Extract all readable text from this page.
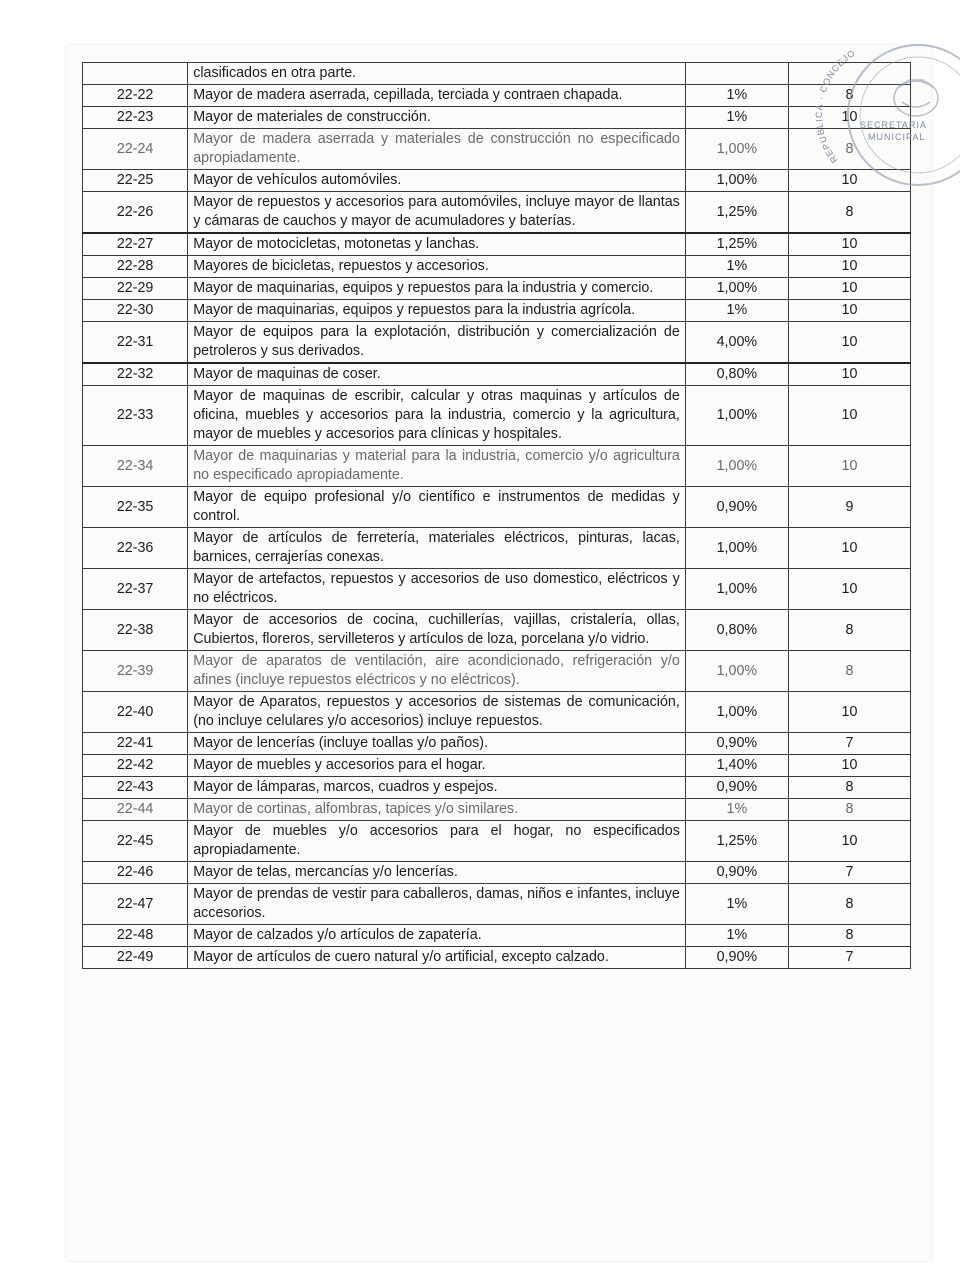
	clasificados en otra parte.		
22-22	Mayor de madera aserrada, cepillada, terciada y contraen chapada.	1%	8
22-23	Mayor de materiales de construcción.	1%	10
22-24	Mayor de madera aserrada y materiales de construcción no especificado apropiadamente.	1,00%	8
22-25	Mayor de vehículos automóviles.	1,00%	10
22-26	Mayor de repuestos y accesorios para automóviles, incluye mayor de llantas y cámaras de cauchos y mayor de acumuladores y baterías.	1,25%	8
22-27	Mayor de motocicletas, motonetas y lanchas.	1,25%	10
22-28	Mayores de bicicletas, repuestos y accesorios.	1%	10
22-29	Mayor de maquinarias, equipos y repuestos para la industria y comercio.	1,00%	10
22-30	Mayor de maquinarias, equipos y repuestos para la industria agrícola.	1%	10
22-31	Mayor de equipos para la explotación, distribución y comercialización de petroleros y sus derivados.	4,00%	10
22-32	Mayor de maquinas de coser.	0,80%	10
22-33	Mayor de maquinas de escribir, calcular y otras maquinas y artículos de oficina, muebles y accesorios para la industria, comercio y la agricultura, mayor de muebles y accesorios para clínicas y hospitales.	1,00%	10
22-34	Mayor de maquinarias y material para la industria, comercio y/o agricultura no especificado apropiadamente.	1,00%	10
22-35	Mayor de equipo profesional y/o científico e instrumentos de medidas y control.	0,90%	9
22-36	Mayor de artículos de ferretería, materiales eléctricos, pinturas, lacas, barnices, cerrajerías conexas.	1,00%	10
22-37	Mayor de artefactos, repuestos y accesorios de uso domestico, eléctricos y no eléctricos.	1,00%	10
22-38	Mayor de accesorios de cocina, cuchillerías, vajillas, cristalería, ollas, Cubiertos, floreros, servilleteros y artículos de loza, porcelana y/o vidrio.	0,80%	8
22-39	Mayor de aparatos de ventilación, aire acondicionado, refrigeración y/o afines (incluye repuestos eléctricos y no eléctricos).	1,00%	8
22-40	Mayor de Aparatos, repuestos y accesorios de sistemas de comunicación, (no incluye celulares y/o accesorios) incluye repuestos.	1,00%	10
22-41	Mayor de lencerías (incluye toallas y/o paños).	0,90%	7
22-42	Mayor de muebles y accesorios para el hogar.	1,40%	10
22-43	Mayor de lámparas, marcos, cuadros y espejos.	0,90%	8
22-44	Mayor de cortinas, alfombras, tapices y/o similares.	1%	8
22-45	Mayor de muebles y/o accesorios para el hogar, no especificados apropiadamente.	1,25%	10
22-46	Mayor de telas, mercancías y/o lencerías.	0,90%	7
22-47	Mayor de prendas de vestir para caballeros, damas, niños e infantes, incluye accesorios.	1%	8
22-48	Mayor de calzados y/o artículos de zapatería.	1%	8
22-49	Mayor de artículos de cuero natural y/o artificial, excepto calzado.	0,90%	7
REPUBLICA · CONCEJO
SECRETARIA
MUNICIPAL
